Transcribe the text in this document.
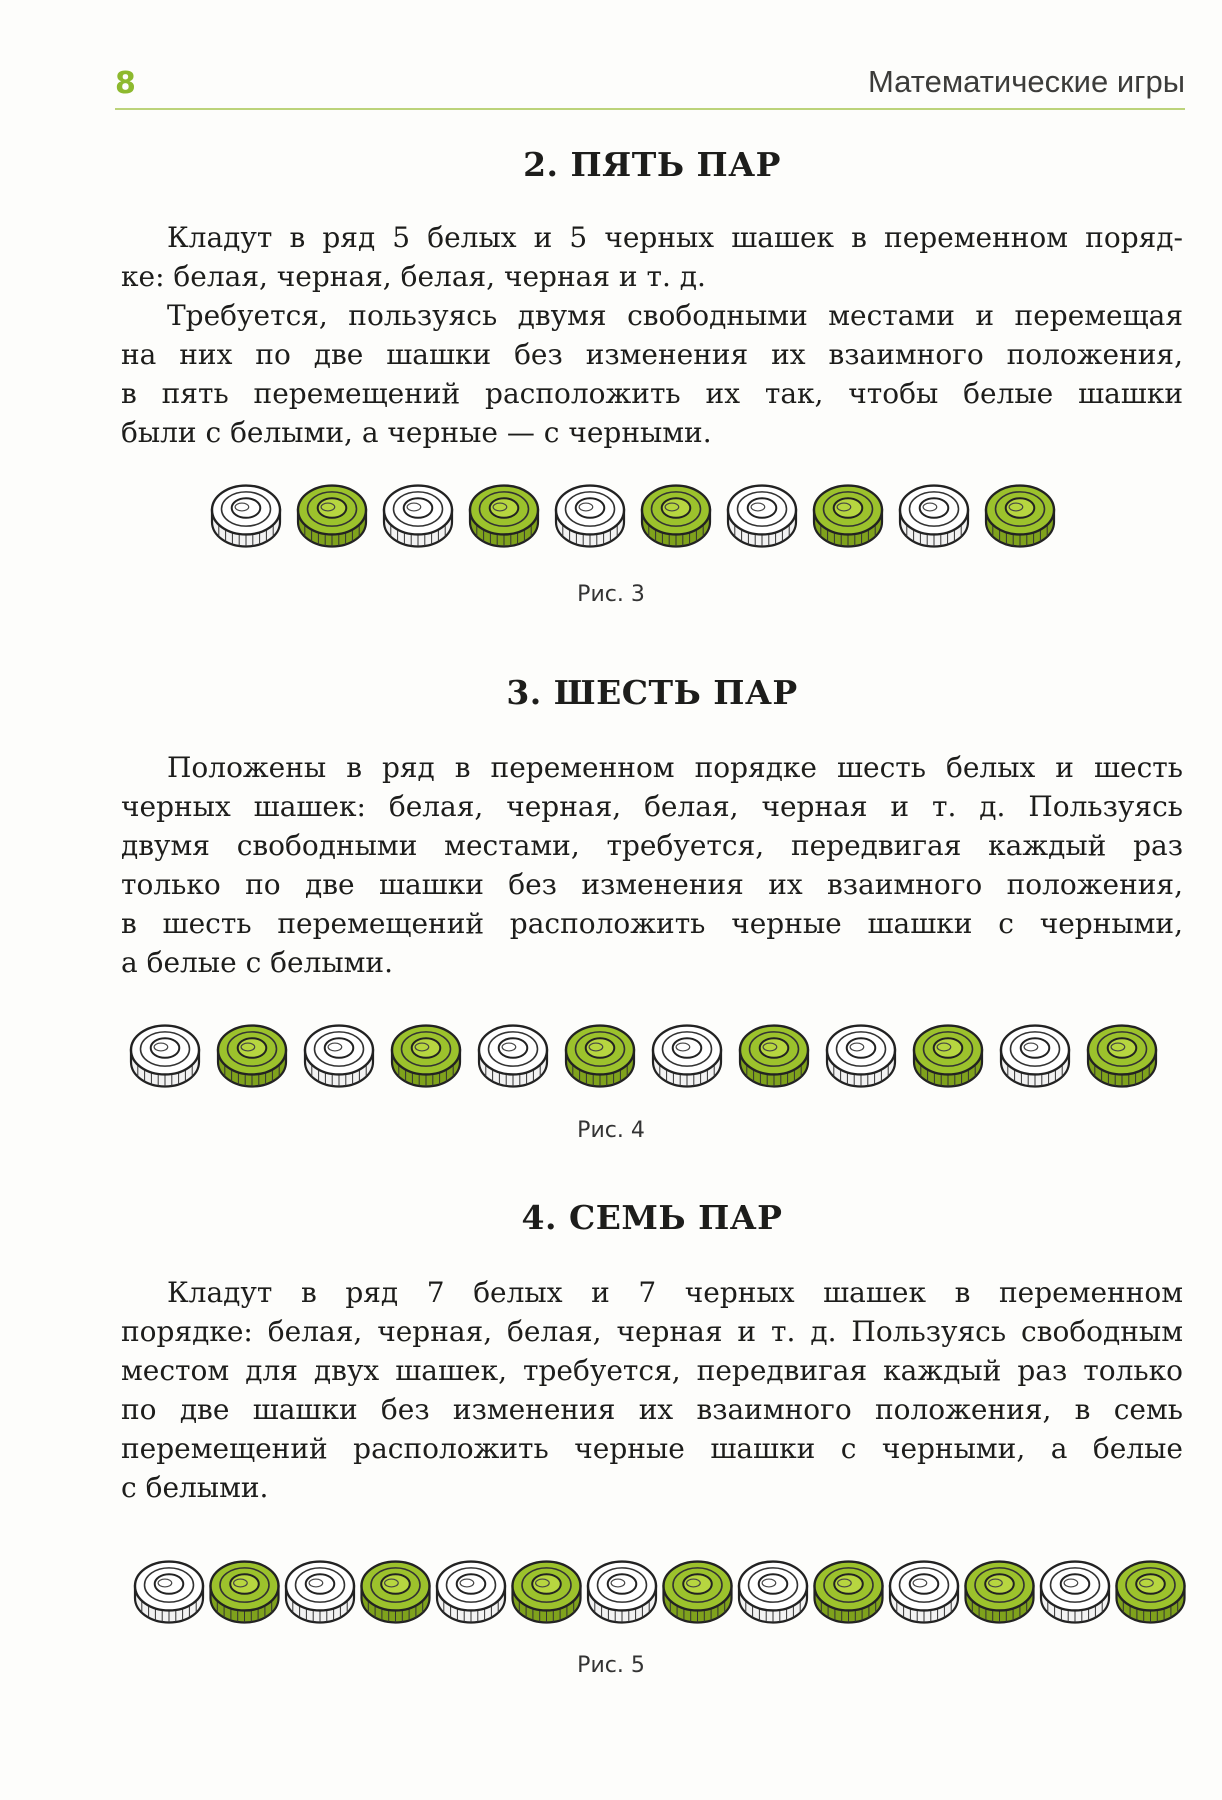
8	Математические игры
2. ПЯТЬ ПАР

Кладут в ряд 5 белых и 5 черных шашек в переменном поряд-
ке: белая, черная, белая, черная и т. д.

Требуется, пользуясь двумя свободными местами и перемещая
на них по две шашки без изменения их взаимного положения,
в пять перемещений расположить их так, чтобы белые шашки
были с белыми, а черные — с черными.

Рис. 3
3. ШЕСТЬ ПАР

Положены в ряд в переменном порядке шесть белых и шесть
черных шашек: белая, черная, белая, черная и т. д. Пользуясь
двумя свободными местами, требуется, передвигая каждый раз
только по две шашки без изменения их взаимного положения,
в шесть перемещений расположить черные шашки с черными,
а белые с белыми.

Рис. 4
4. СЕМЬ ПАР

Кладут в ряд 7 белых и 7 черных шашек в переменном
порядке: белая, черная, белая, черная и т. д. Пользуясь свободным
местом для двух шашек, требуется, передвигая каждый раз только
по две шашки без изменения их взаимного положения, в семь
перемещений расположить черные шашки с черными, а белые
с белыми.

Рис. 5
